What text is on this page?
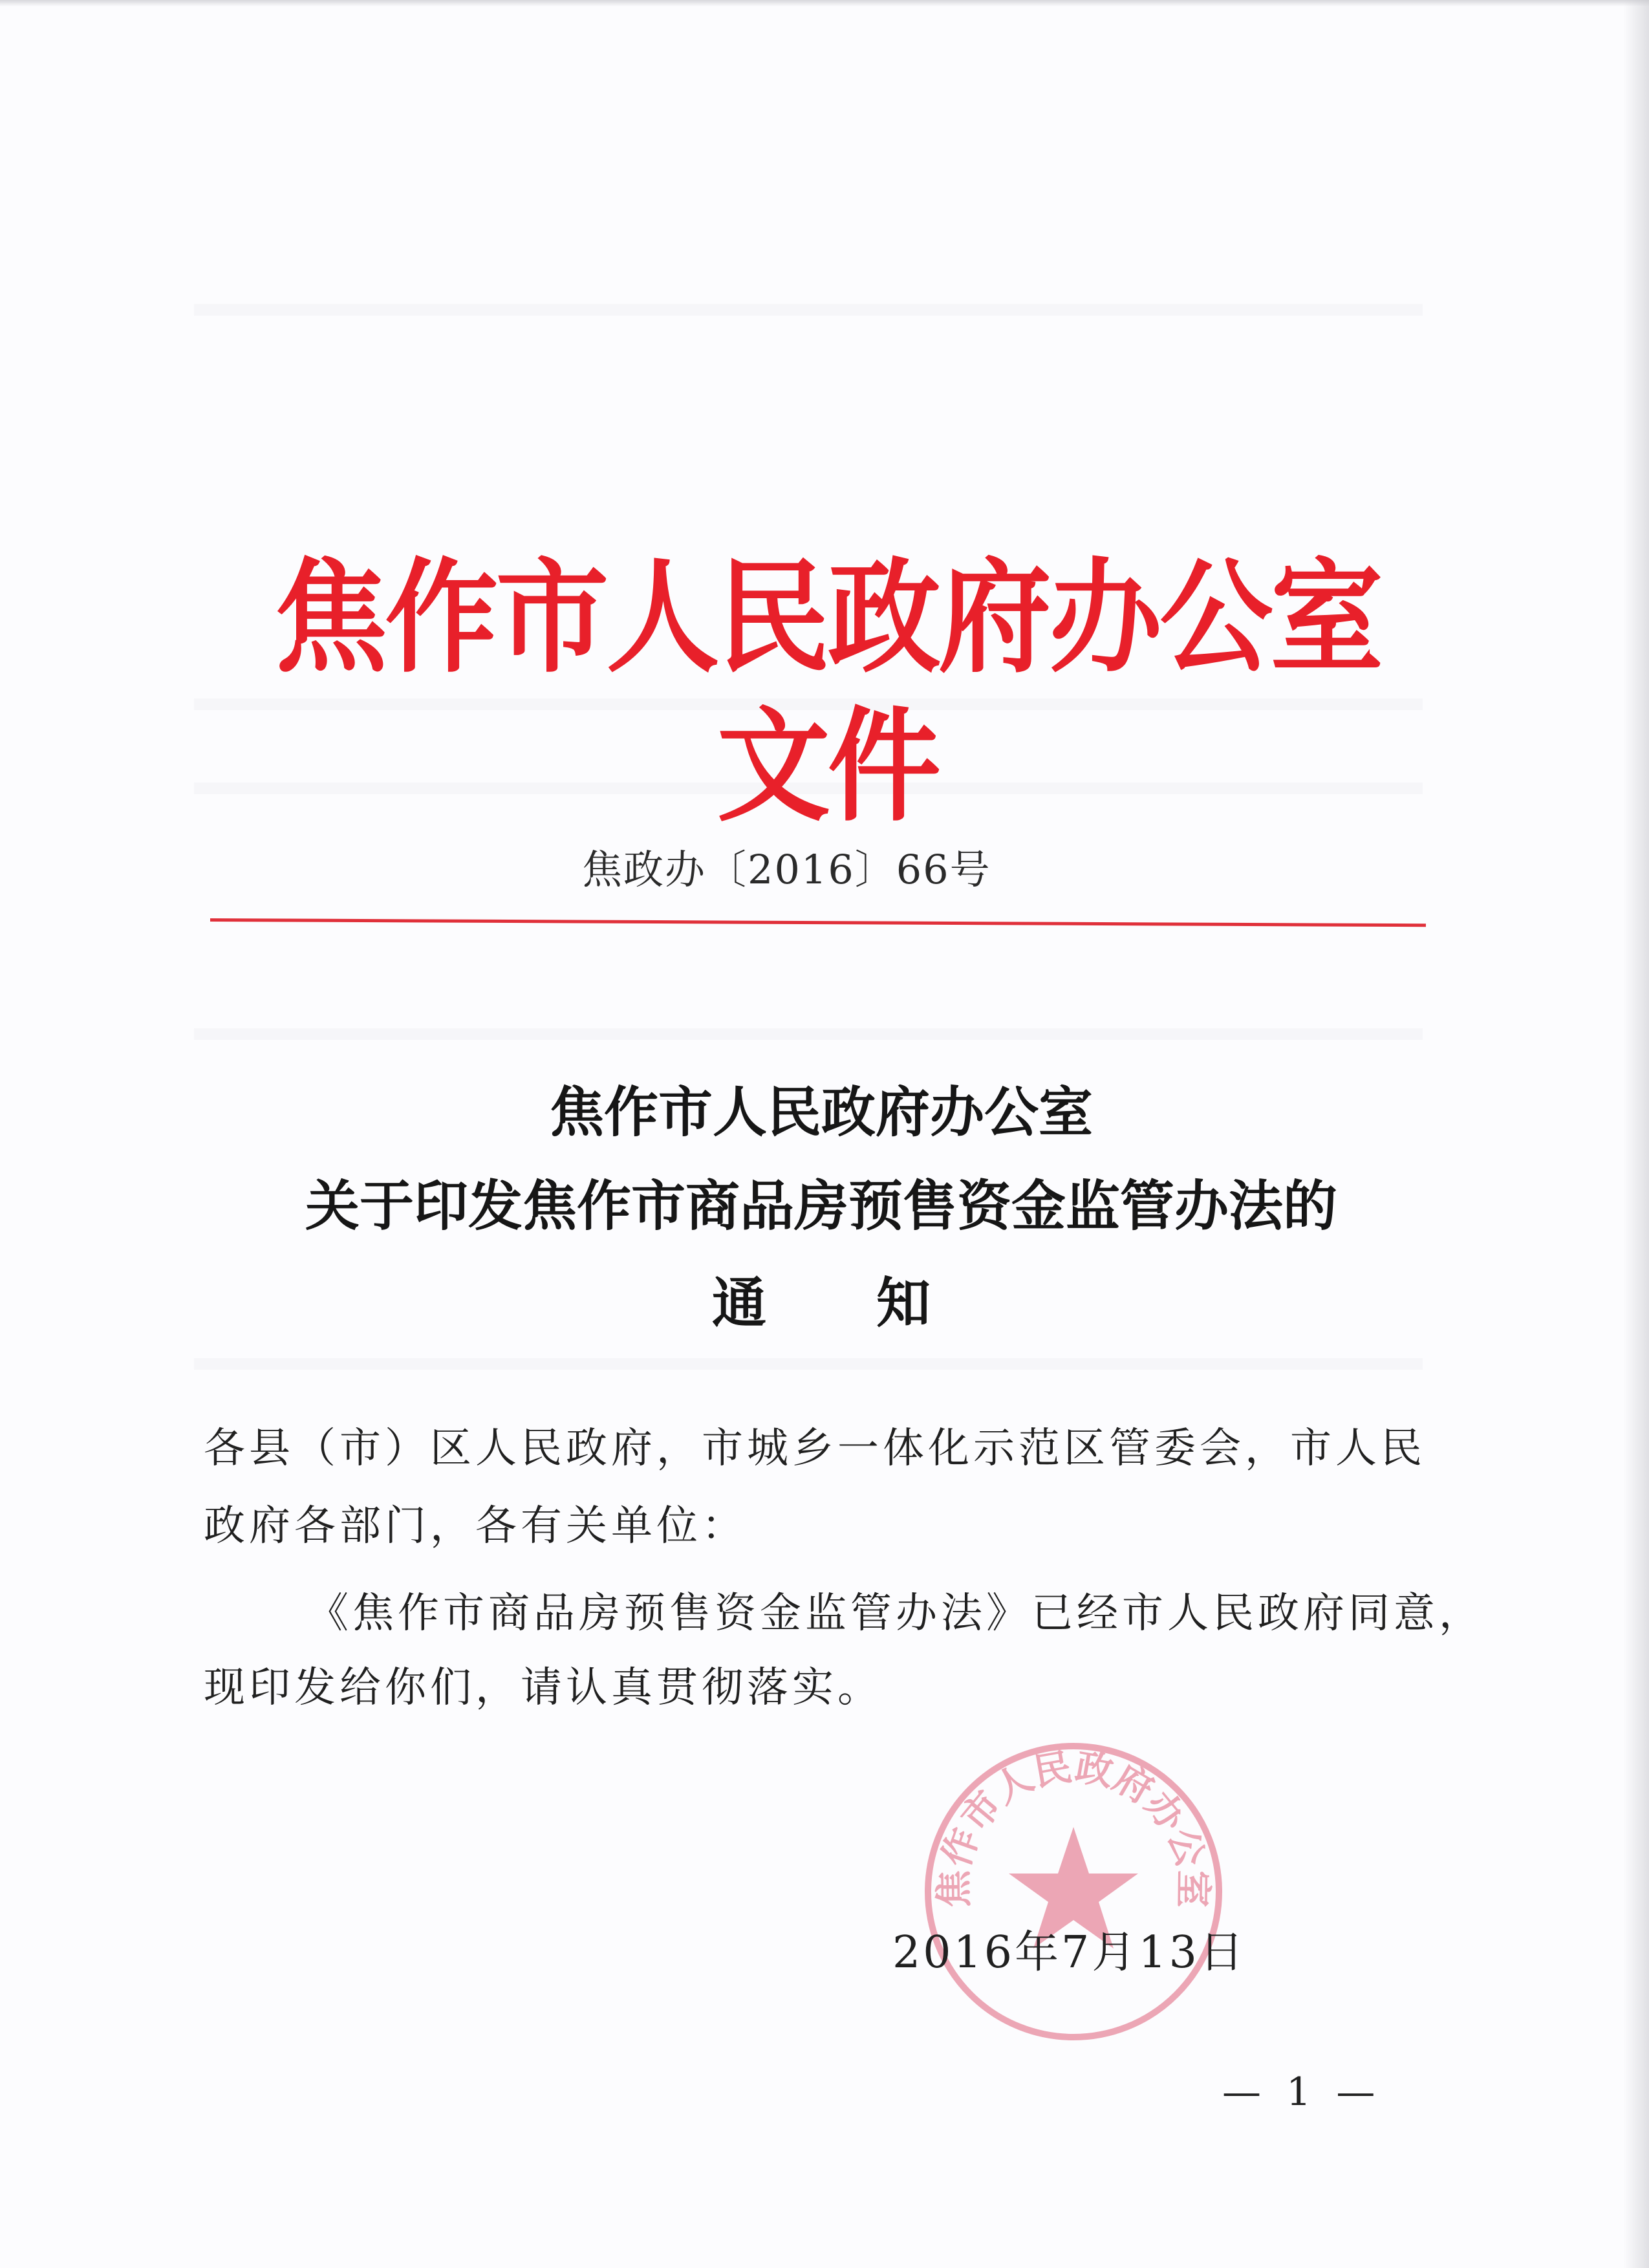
焦作市人民政府办公室文件
焦政办〔2016〕66号
焦作市人民政府办公室
关于印发焦作市商品房预售资金监管办法的
通知
各县（市）区人民政府，市城乡一体化示范区管委会，市人民
政府各部门，各有关单位：
《焦作市商品房预售资金监管办法》已经市人民政府同意，
现印发给你们，请认真贯彻落实。
焦作市人民政府办公室
2016年7月13日
— 1 —
